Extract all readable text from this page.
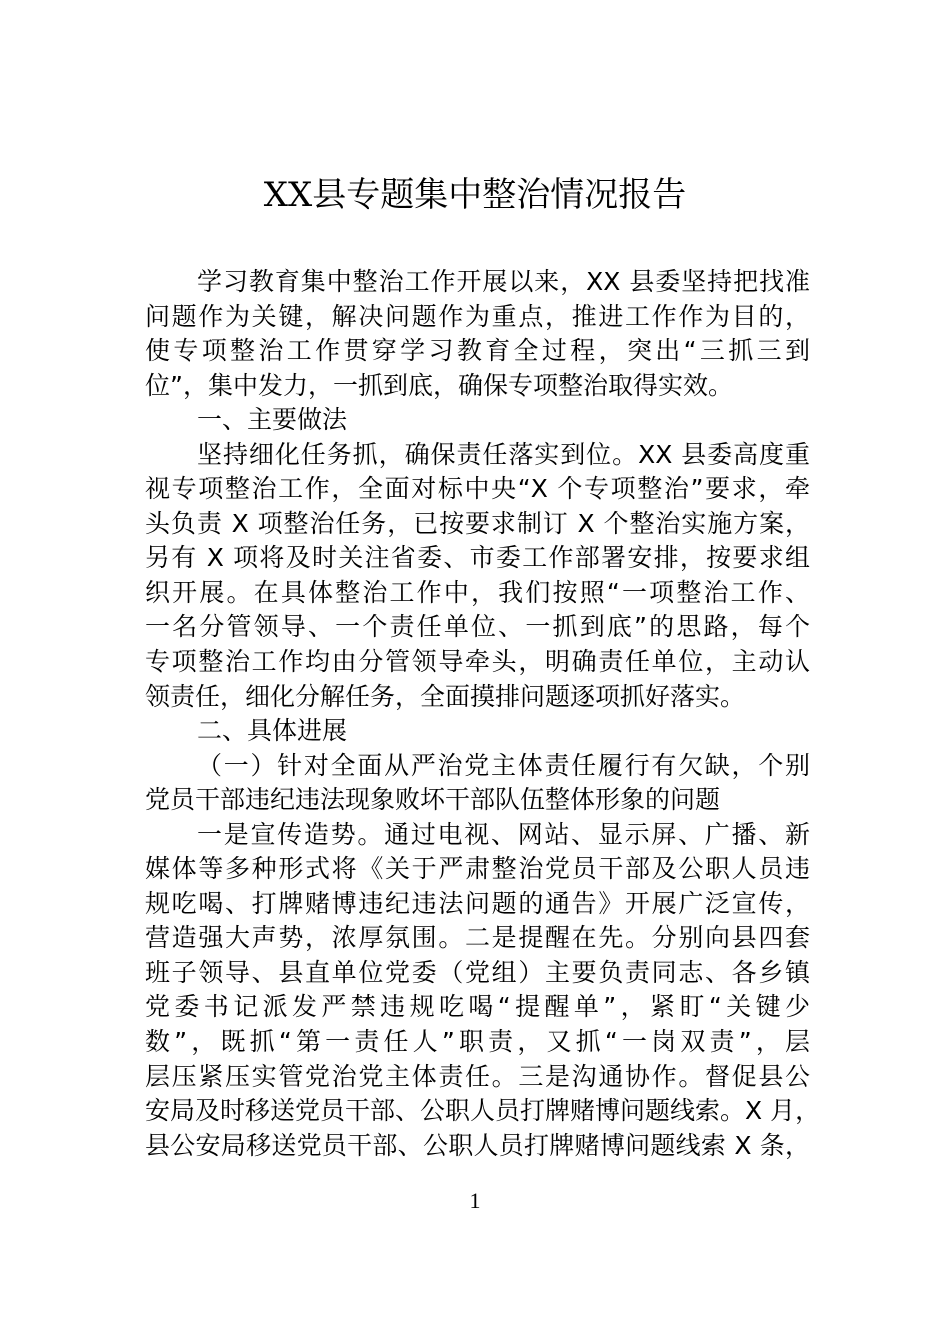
XX县专题集中整治情况报告
学习教育集中整治工作开展以来，XX 县委坚持把找准
问题作为关键，解决问题作为重点，推进工作作为目的，
使专项整治工作贯穿学习教育全过程，突出“三抓三到
位”，集中发力，一抓到底，确保专项整治取得实效。
一、主要做法
坚持细化任务抓，确保责任落实到位。XX 县委高度重
视专项整治工作，全面对标中央“X 个专项整治”要求，牵
头负责 X 项整治任务，已按要求制订 X 个整治实施方案，
另有 X 项将及时关注省委、市委工作部署安排，按要求组
织开展。在具体整治工作中，我们按照“一项整治工作、
一名分管领导、一个责任单位、一抓到底”的思路，每个
专项整治工作均由分管领导牵头，明确责任单位，主动认
领责任，细化分解任务，全面摸排问题逐项抓好落实。
二、具体进展
（一）针对全面从严治党主体责任履行有欠缺，个别
党员干部违纪违法现象败坏干部队伍整体形象的问题
一是宣传造势。通过电视、网站、显示屏、广播、新
媒体等多种形式将《关于严肃整治党员干部及公职人员违
规吃喝、打牌赌博违纪违法问题的通告》开展广泛宣传，
营造强大声势，浓厚氛围。二是提醒在先。分别向县四套
班子领导、县直单位党委（党组）主要负责同志、各乡镇
党委书记派发严禁违规吃喝“提醒单”，紧盯“关键少
数”，既抓“第一责任人”职责，又抓“一岗双责”，层
层压紧压实管党治党主体责任。三是沟通协作。督促县公
安局及时移送党员干部、公职人员打牌赌博问题线索。X 月，
县公安局移送党员干部、公职人员打牌赌博问题线索 X 条，
1
